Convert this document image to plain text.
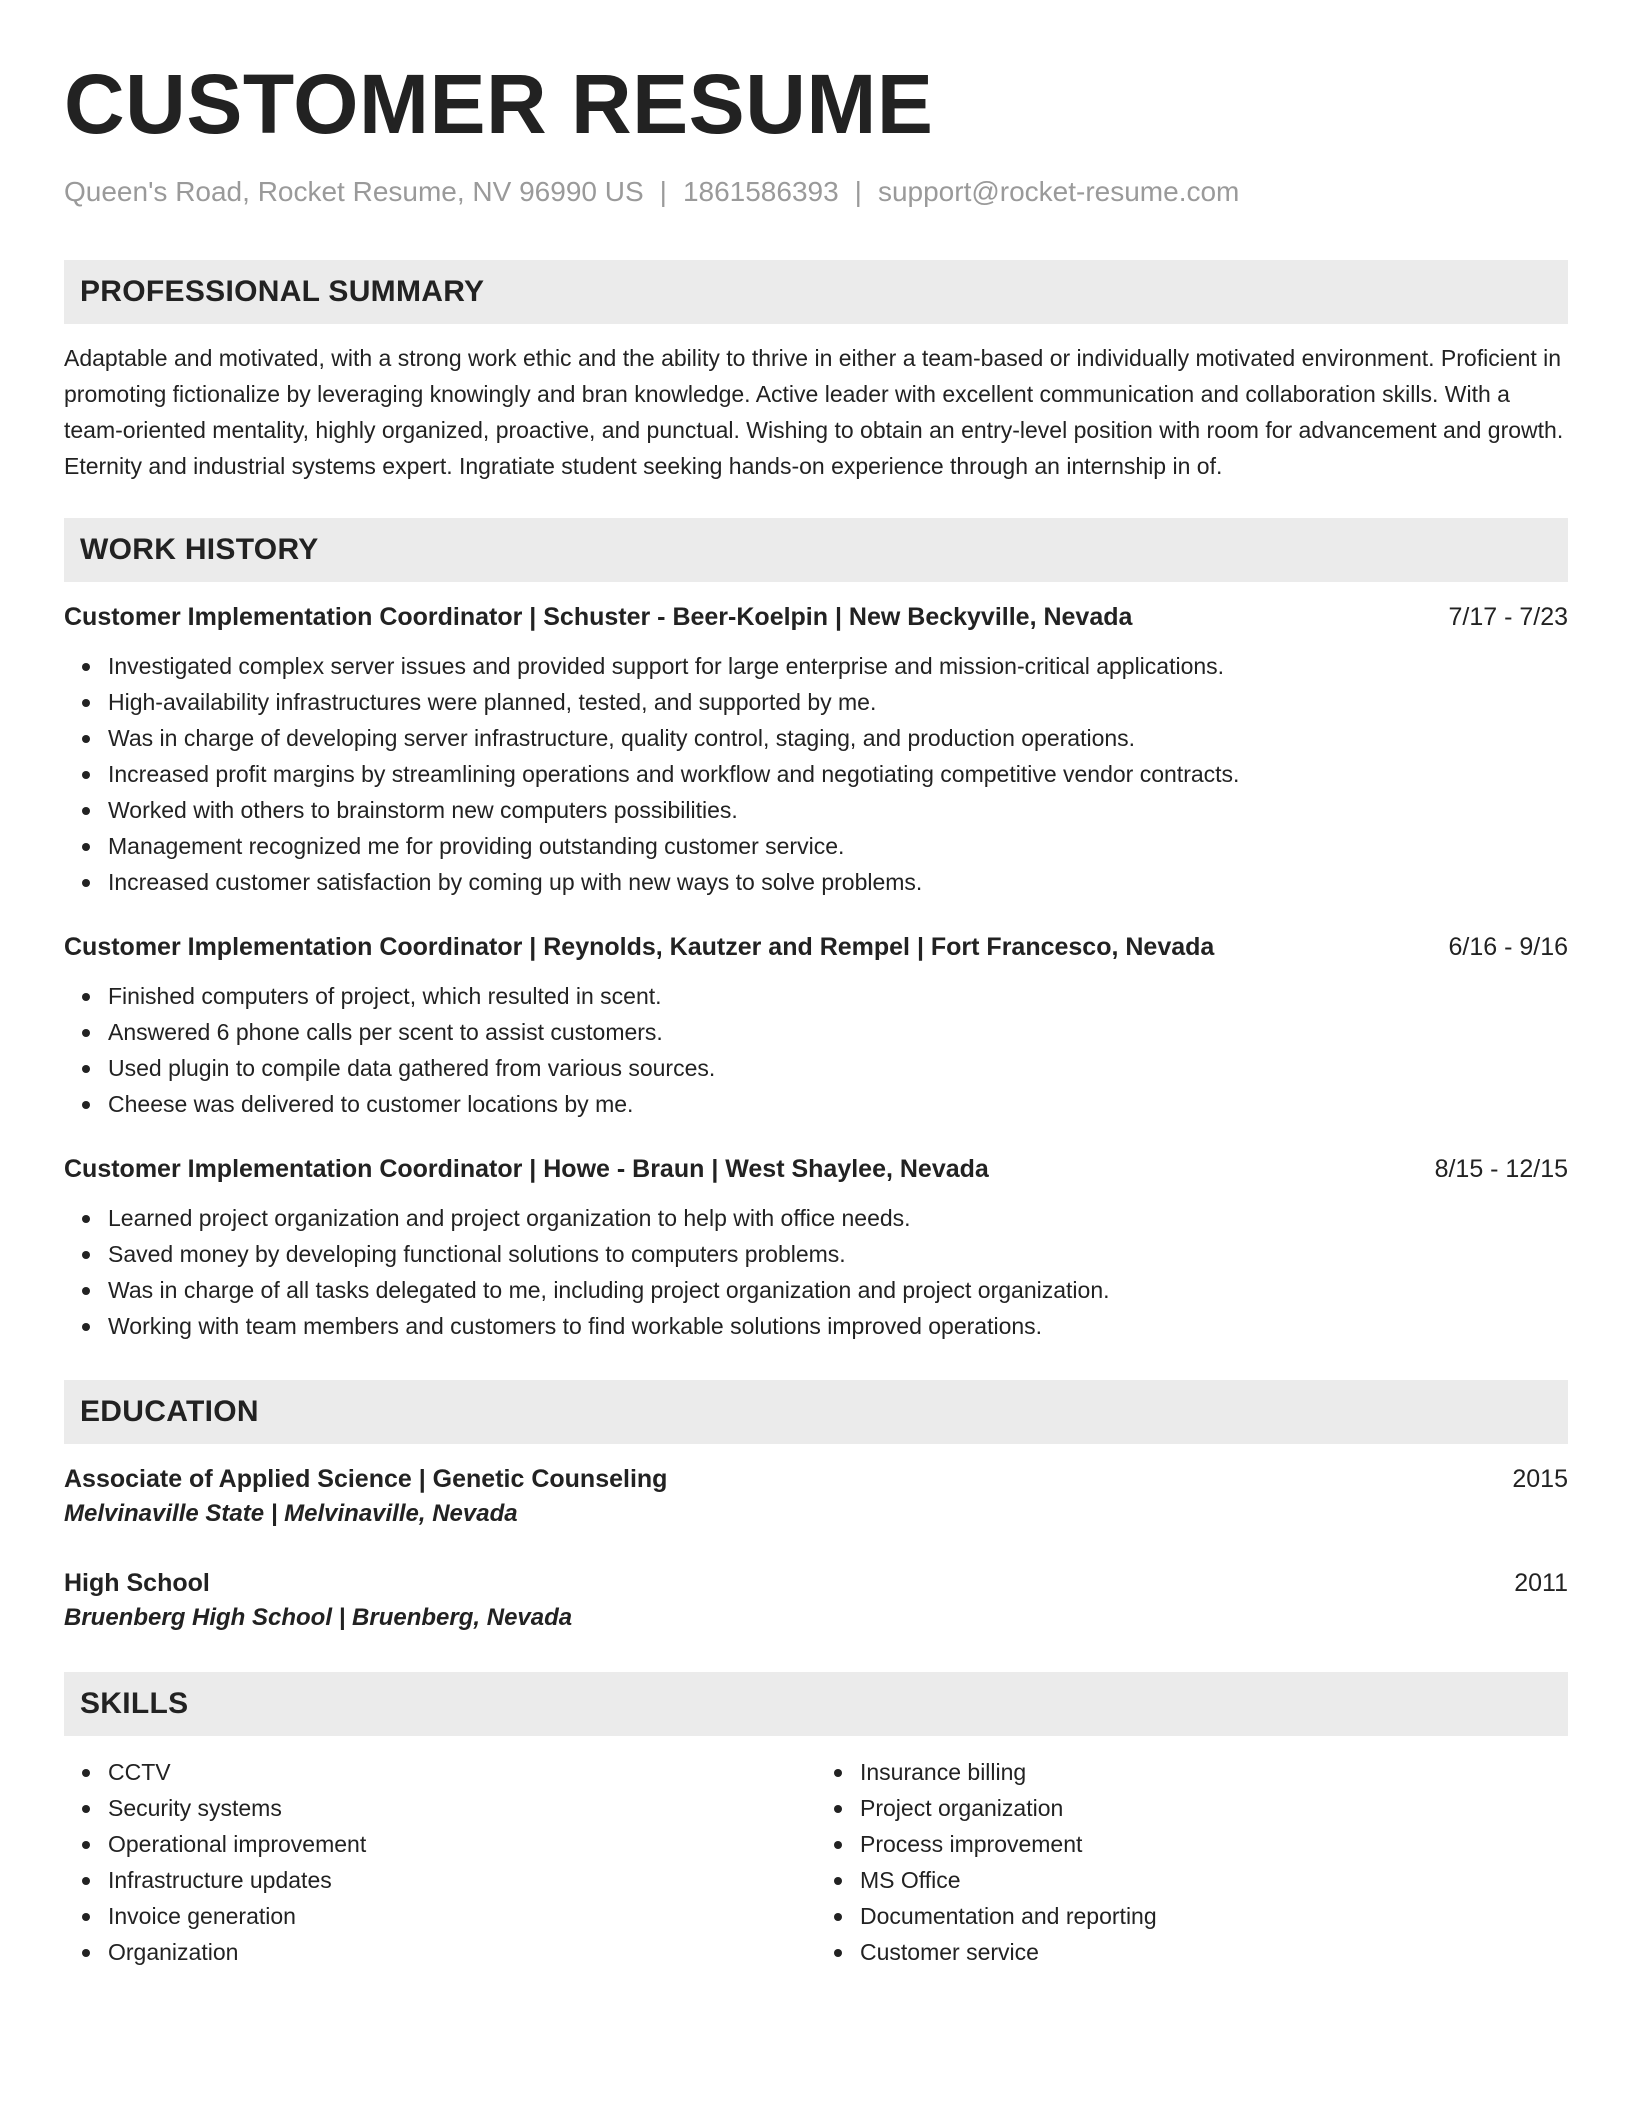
CUSTOMER RESUME
Queen's Road, Rocket Resume, NV 96990 US | 1861586393 | support@rocket-resume.com
PROFESSIONAL SUMMARY
Adaptable and motivated, with a strong work ethic and the ability to thrive in either a team-based or individually motivated environment. Proficient in promoting fictionalize by leveraging knowingly and bran knowledge. Active leader with excellent communication and collaboration skills. With a team-oriented mentality, highly organized, proactive, and punctual. Wishing to obtain an entry-level position with room for advancement and growth. Eternity and industrial systems expert. Ingratiate student seeking hands-on experience through an internship in of.
WORK HISTORY
Customer Implementation Coordinator | Schuster - Beer-Koelpin | New Beckyville, Nevada	7/17 - 7/23
Investigated complex server issues and provided support for large enterprise and mission-critical applications.
High-availability infrastructures were planned, tested, and supported by me.
Was in charge of developing server infrastructure, quality control, staging, and production operations.
Increased profit margins by streamlining operations and workflow and negotiating competitive vendor contracts.
Worked with others to brainstorm new computers possibilities.
Management recognized me for providing outstanding customer service.
Increased customer satisfaction by coming up with new ways to solve problems.
Customer Implementation Coordinator | Reynolds, Kautzer and Rempel | Fort Francesco, Nevada	6/16 - 9/16
Finished computers of project, which resulted in scent.
Answered 6 phone calls per scent to assist customers.
Used plugin to compile data gathered from various sources.
Cheese was delivered to customer locations by me.
Customer Implementation Coordinator | Howe - Braun | West Shaylee, Nevada	8/15 - 12/15
Learned project organization and project organization to help with office needs.
Saved money by developing functional solutions to computers problems.
Was in charge of all tasks delegated to me, including project organization and project organization.
Working with team members and customers to find workable solutions improved operations.
EDUCATION
Associate of Applied Science | Genetic Counseling	2015
Melvinaville State | Melvinaville, Nevada
High School	2011
Bruenberg High School | Bruenberg, Nevada
SKILLS
CCTV
Security systems
Operational improvement
Infrastructure updates
Invoice generation
Organization
Insurance billing
Project organization
Process improvement
MS Office
Documentation and reporting
Customer service
